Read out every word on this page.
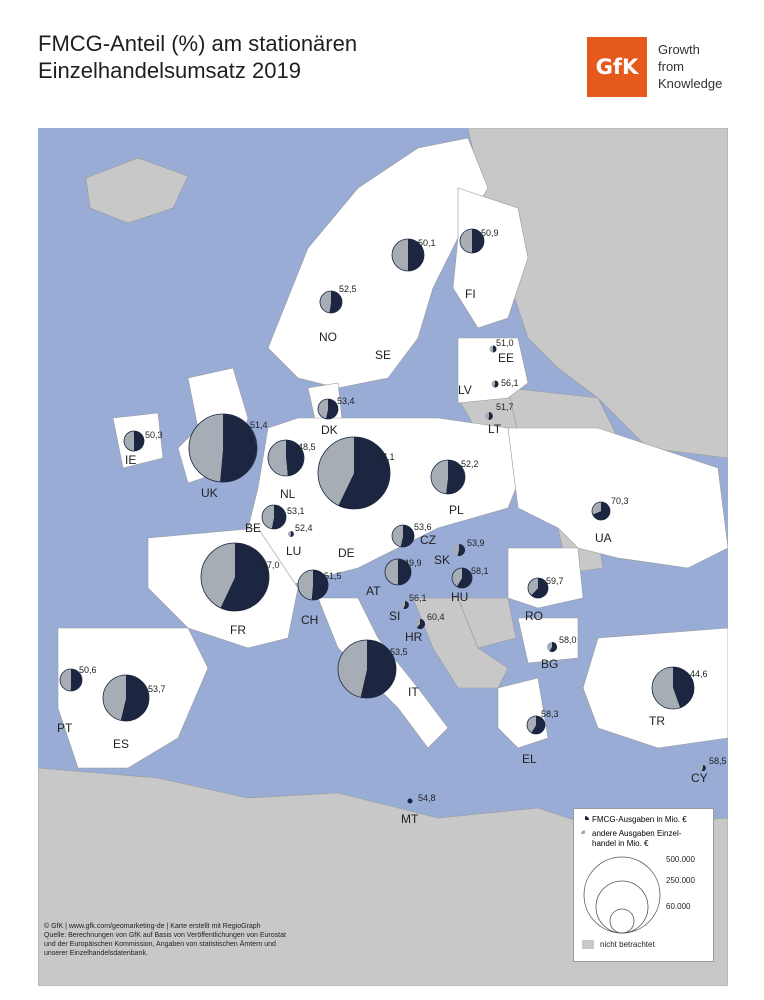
FMCG-Anteil (%) am stationären
Einzelhandelsumsatz 2019	GfK
Growth
from
Knowledge
52,5
NO
50,1
SE
50,9
FI
51,0
EE
56,1
LV
51,7
LT
53,4
DK
50,3
IE
51,4
UK
48,5
NL
57,1
DE
53,1
BE	52,4
LU
52,2
PL
53,6
CZ	53,9
SK
49,9
AT
58,1
HU
56,1
SI	60,4
HR
57,0
FR
51,5
CH
59,7
RO
58,0
BG
70,3
UA
53,5
IT
50,6
PT
53,7
ES
58,3
EL
44,6
TR
58,5
CY
54,8
MT	FMCG-Ausgaben in Mio. €
andere Ausgaben Einzel-
handel in Mio. €
500.000
250.000
60.000
nicht betrachtet
© GfK | www.gfk.com/geomarketing-de | Karte erstellt mit RegioGraph
Quelle: Berechnungen von GfK auf Basis von Veröffentlichungen von Eurostat
und der Europäischen Kommission, Angaben von statistischen Ämtern und
unserer Einzelhandelsdatenbank.
